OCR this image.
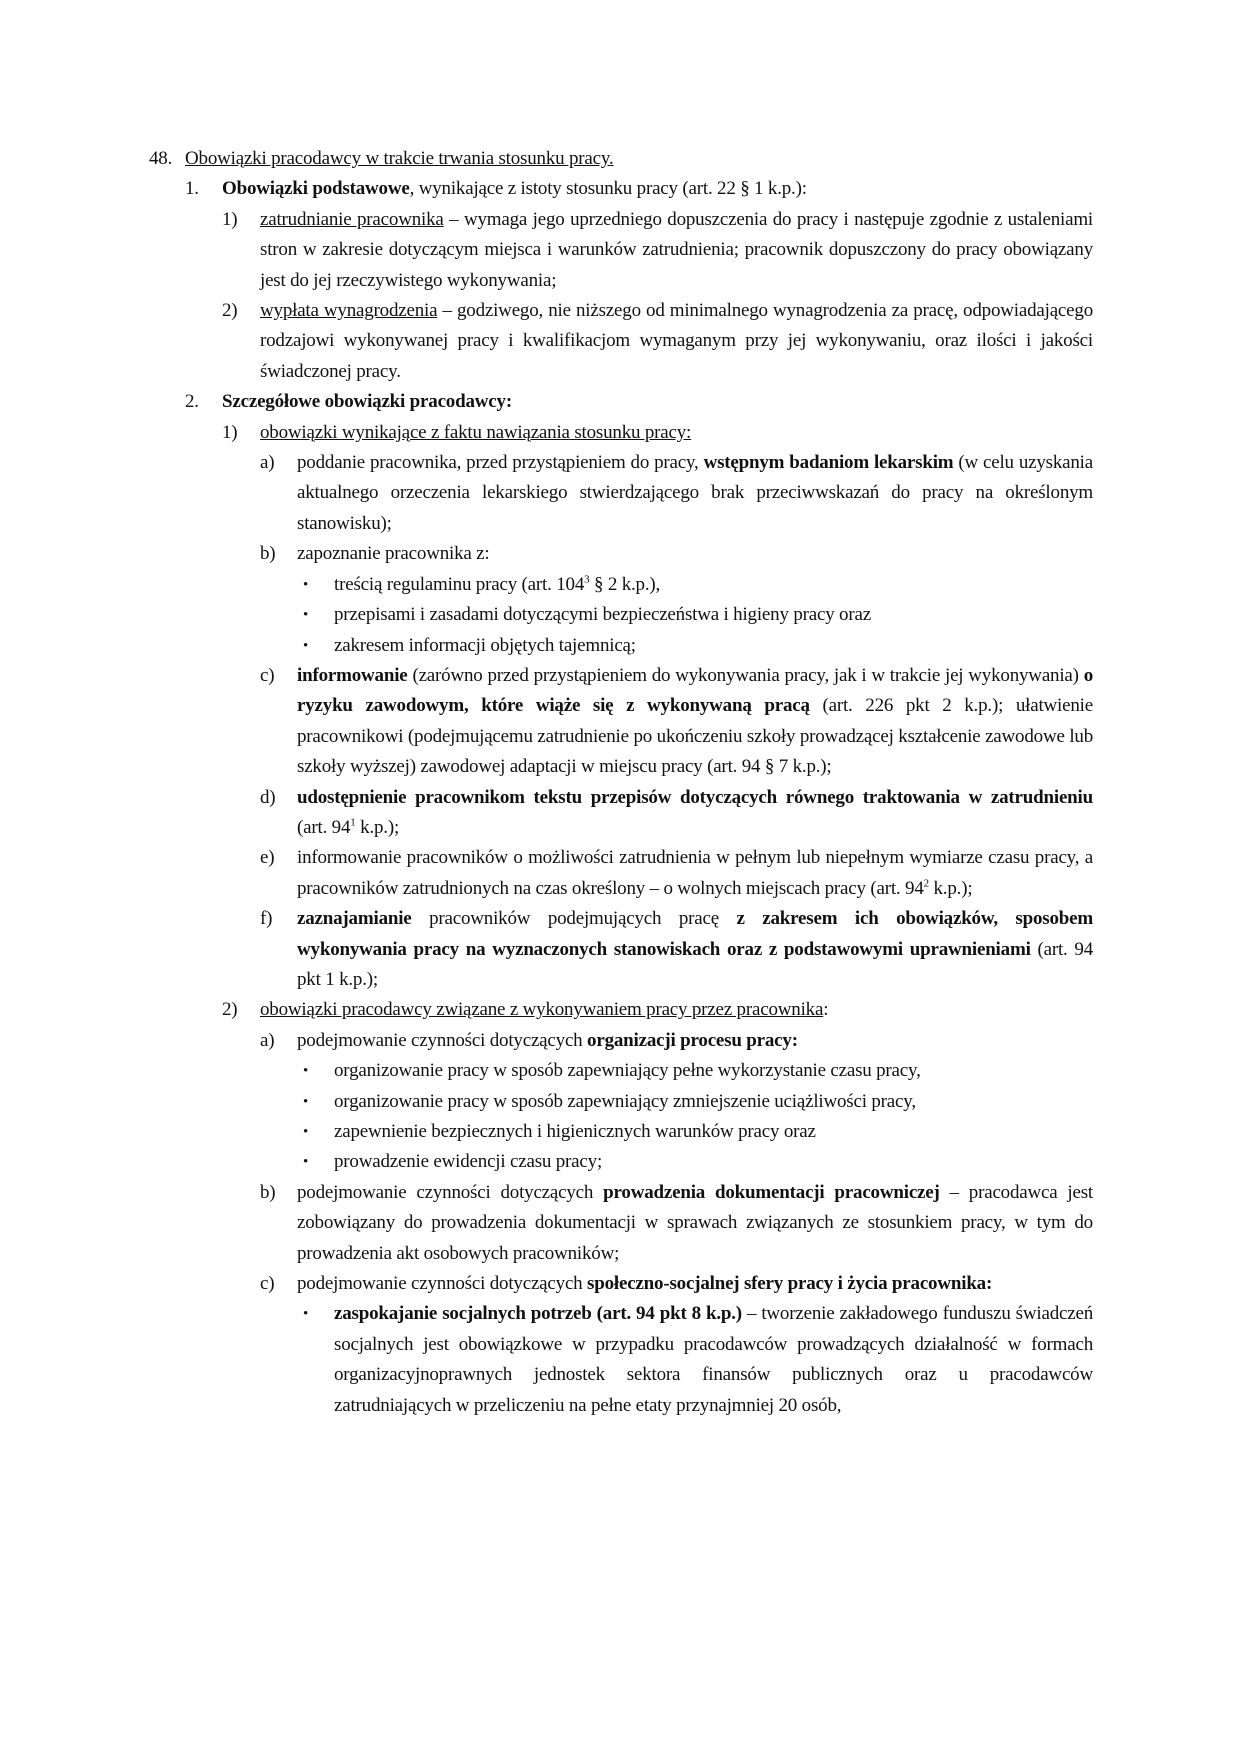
48. Obowiązki pracodawcy w trakcie trwania stosunku pracy.
1. Obowiązki podstawowe, wynikające z istoty stosunku pracy (art. 22 § 1 k.p.):
1) zatrudnianie pracownika – wymaga jego uprzedniego dopuszczenia do pracy i następuje zgodnie z ustaleniami stron w zakresie dotyczącym miejsca i warunków zatrudnienia; pracownik dopuszczony do pracy obowiązany jest do jej rzeczywistego wykonywania;
2) wypłata wynagrodzenia – godziwego, nie niższego od minimalnego wynagrodzenia za pracę, odpowiadającego rodzajowi wykonywanej pracy i kwalifikacjom wymaganym przy jej wykonywaniu, oraz ilości i jakości świadczonej pracy.
2. Szczegółowe obowiązki pracodawcy:
1) obowiązki wynikające z faktu nawiązania stosunku pracy:
a) poddanie pracownika, przed przystąpieniem do pracy, wstępnym badaniom lekarskim (w celu uzyskania aktualnego orzeczenia lekarskiego stwierdzającego brak przeciwwskazań do pracy na określonym stanowisku);
b) zapoznanie pracownika z:
• treścią regulaminu pracy (art. $104^3$ § 2 k.p.),
• przepisami i zasadami dotyczącymi bezpieczeństwa i higieny pracy oraz
• zakresem informacji objętych tajemnicą;
c) informowanie (zarówno przed przystąpieniem do wykonywania pracy, jak i w trakcie jej wykonywania) o ryzyku zawodowym, które wiąże się z wykonywaną pracą (art. 226 pkt 2 k.p.); ułatwienie pracownikowi (podejmującemu zatrudnienie po ukończeniu szkoły prowadzącej kształcenie zawodowe lub szkoły wyższej) zawodowej adaptacji w miejscu pracy (art. 94 § 7 k.p.);
d) udostępnienie pracownikom tekstu przepisów dotyczących równego traktowania w zatrudnieniu (art. $94^1$ k.p.);
e) informowanie pracowników o możliwości zatrudnienia w pełnym lub niepełnym wymiarze czasu pracy, a pracowników zatrudnionych na czas określony – o wolnych miejscach pracy (art. $94^2$ k.p.);
f) zaznajamianie pracowników podejmujących pracę z zakresem ich obowiązków, sposobem wykonywania pracy na wyznaczonych stanowiskach oraz z podstawowymi uprawnieniami (art. 94 pkt 1 k.p.);
2) obowiązki pracodawcy związane z wykonywaniem pracy przez pracownika:
a) podejmowanie czynności dotyczących organizacji procesu pracy:
• organizowanie pracy w sposób zapewniający pełne wykorzystanie czasu pracy,
• organizowanie pracy w sposób zapewniający zmniejszenie uciążliwości pracy,
• zapewnienie bezpiecznych i higienicznych warunków pracy oraz
• prowadzenie ewidencji czasu pracy;
b) podejmowanie czynności dotyczących prowadzenia dokumentacji pracowniczej – pracodawca jest zobowiązany do prowadzenia dokumentacji w sprawach związanych ze stosunkiem pracy, w tym do prowadzenia akt osobowych pracowników;
c) podejmowanie czynności dotyczących społeczno-socjalnej sfery pracy i życia pracownika:
• zaspokajanie socjalnych potrzeb (art. 94 pkt 8 k.p.) – tworzenie zakładowego funduszu świadczeń socjalnych jest obowiązkowe w przypadku pracodawców prowadzących działalność w formach organizacyjnoprawnych jednostek sektora finansów publicznych oraz u pracodawców zatrudniających w przeliczeniu na pełne etaty przynajmniej 20 osób,
